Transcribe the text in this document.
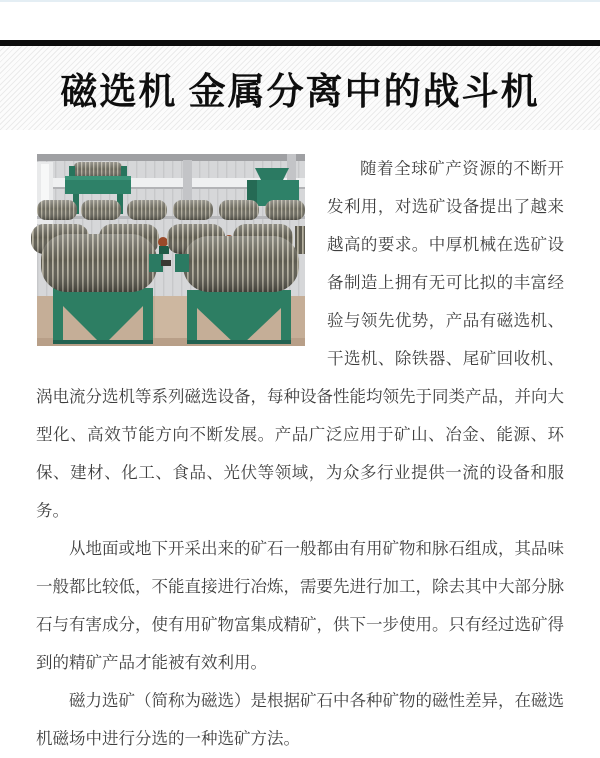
磁选机 金属分离中的战斗机

随着全球矿产资源的不断开发利用，对选矿设备提出了越来越高的要求。中厚机械在选矿设备制造上拥有无可比拟的丰富经验与领先优势，产品有磁选机、干选机、除铁器、尾矿回收机、涡电流分选机等系列磁选设备，每种设备性能均领先于同类产品，并向大型化、高效节能方向不断发展。产品广泛应用于矿山、冶金、能源、环保、建材、化工、食品、光伏等领域，为众多行业提供一流的设备和服务。

从地面或地下开采出来的矿石一般都由有用矿物和脉石组成，其品味一般都比较低，不能直接进行冶炼，需要先进行加工，除去其中大部分脉石与有害成分，使有用矿物富集成精矿，供下一步使用。只有经过选矿得到的精矿产品才能被有效利用。

磁力选矿（简称为磁选）是根据矿石中各种矿物的磁性差异，在磁选机磁场中进行分选的一种选矿方法。
